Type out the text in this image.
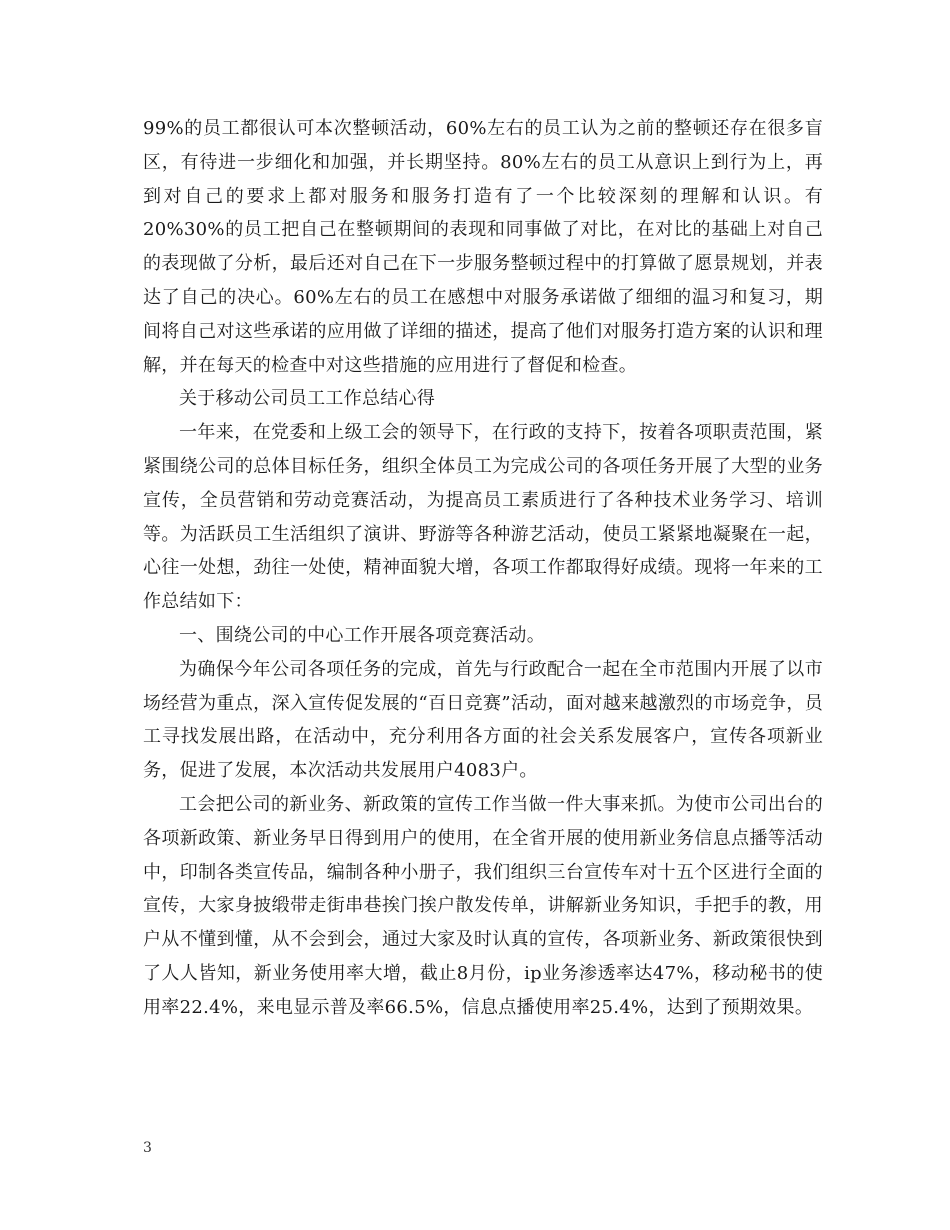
99%的员工都很认可本次整顿活动，60%左右的员工认为之前的整顿还存在很多盲区，有待进一步细化和加强，并长期坚持。80%左右的员工从意识上到行为上，再到对自己的要求上都对服务和服务打造有了一个比较深刻的理解和认识。有20%30%的员工把自己在整顿期间的表现和同事做了对比，在对比的基础上对自己的表现做了分析，最后还对自己在下一步服务整顿过程中的打算做了愿景规划，并表达了自己的决心。60%左右的员工在感想中对服务承诺做了细细的温习和复习，期间将自己对这些承诺的应用做了详细的描述，提高了他们对服务打造方案的认识和理解，并在每天的检查中对这些措施的应用进行了督促和检查。

关于移动公司员工工作总结心得

一年来，在党委和上级工会的领导下，在行政的支持下，按着各项职责范围，紧紧围绕公司的总体目标任务，组织全体员工为完成公司的各项任务开展了大型的业务宣传，全员营销和劳动竞赛活动，为提高员工素质进行了各种技术业务学习、培训等。为活跃员工生活组织了演讲、野游等各种游艺活动，使员工紧紧地凝聚在一起，心往一处想，劲往一处使，精神面貌大增，各项工作都取得好成绩。现将一年来的工作总结如下：

一、围绕公司的中心工作开展各项竞赛活动。

为确保今年公司各项任务的完成，首先与行政配合一起在全市范围内开展了以市场经营为重点，深入宣传促发展的“百日竞赛”活动，面对越来越激烈的市场竞争，员工寻找发展出路，在活动中，充分利用各方面的社会关系发展客户，宣传各项新业务，促进了发展，本次活动共发展用户4083户。

工会把公司的新业务、新政策的宣传工作当做一件大事来抓。为使市公司出台的各项新政策、新业务早日得到用户的使用，在全省开展的使用新业务信息点播等活动中，印制各类宣传品，编制各种小册子，我们组织三台宣传车对十五个区进行全面的宣传，大家身披缎带走街串巷挨门挨户散发传单，讲解新业务知识，手把手的教，用户从不懂到懂，从不会到会，通过大家及时认真的宣传，各项新业务、新政策很快到了人人皆知，新业务使用率大增，截止8月份，ip业务渗透率达47%，移动秘书的使用率22.4%，来电显示普及率66.5%，信息点播使用率25.4%，达到了预期效果。

3
